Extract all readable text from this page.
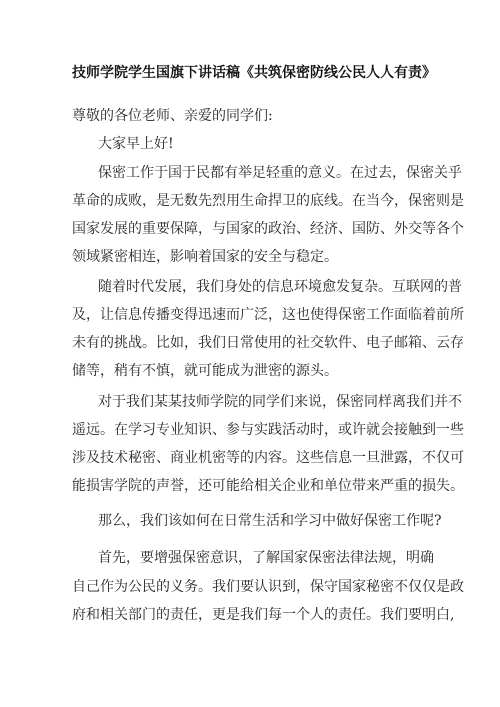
技师学院学生国旗下讲话稿《共筑保密防线公民人人有责》
尊敬的各位老师、亲爱的同学们:
大家早上好!
保密工作于国于民都有举足轻重的意义。在过去，保密关乎
革命的成败，是无数先烈用生命捍卫的底线。在当今，保密则是
国家发展的重要保障，与国家的政治、经济、国防、外交等各个
领域紧密相连，影响着国家的安全与稳定。
随着时代发展，我们身处的信息环境愈发复杂。互联网的普
及，让信息传播变得迅速而广泛，这也使得保密工作面临着前所
未有的挑战。比如，我们日常使用的社交软件、电子邮箱、云存
储等，稍有不慎，就可能成为泄密的源头。
对于我们某某技师学院的同学们来说，保密同样离我们并不
遥远。在学习专业知识、参与实践活动时，或许就会接触到一些
涉及技术秘密、商业机密等的内容。这些信息一旦泄露，不仅可
能损害学院的声誉，还可能给相关企业和单位带来严重的损失。
那么，我们该如何在日常生活和学习中做好保密工作呢?
首先，要增强保密意识，了解国家保密法律法规，明确
自己作为公民的义务。我们要认识到，保守国家秘密不仅仅是政
府和相关部门的责任，更是我们每一个人的责任。我们要明白,
